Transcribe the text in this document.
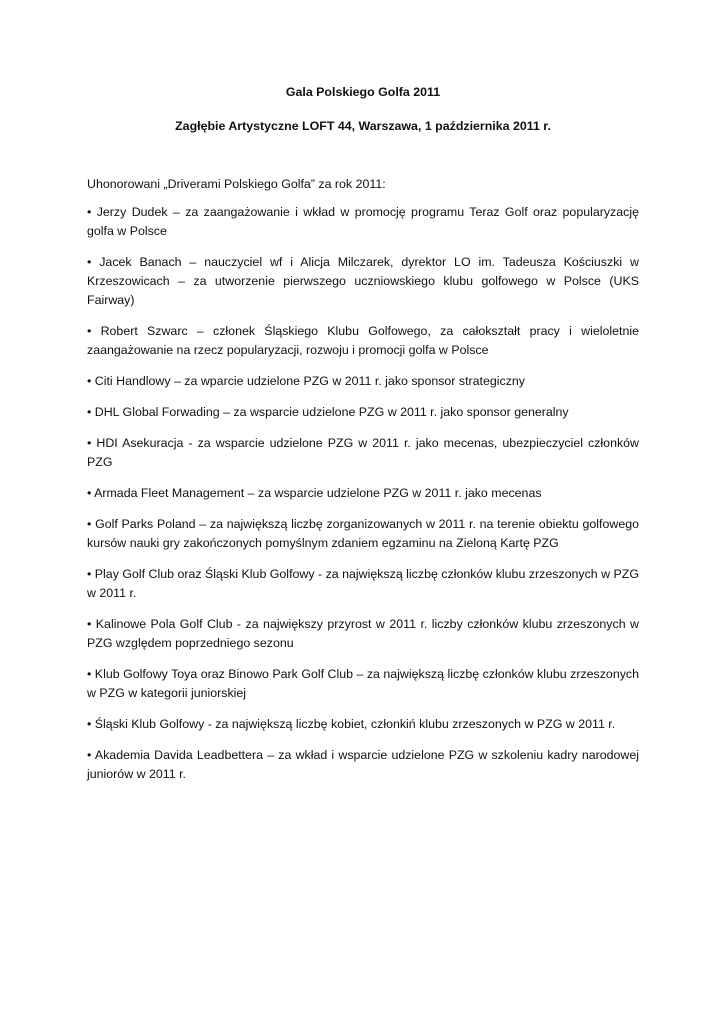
Gala Polskiego Golfa 2011

Zagłębie Artystyczne LOFT 44, Warszawa, 1 października 2011 r.

Uhonorowani „Driverami Polskiego Golfa” za rok 2011:

• Jerzy Dudek – za zaangażowanie i wkład w promocję programu Teraz Golf oraz popularyzację golfa w Polsce
• Jacek Banach – nauczyciel wf i Alicja Milczarek, dyrektor LO im. Tadeusza Kościuszki w Krzeszowicach – za utworzenie pierwszego uczniowskiego klubu golfowego w Polsce (UKS Fairway)
• Robert Szwarc – członek Śląskiego Klubu Golfowego, za całokształt pracy i wieloletnie zaangażowanie na rzecz popularyzacji, rozwoju i promocji golfa w Polsce
• Citi Handlowy – za wparcie udzielone PZG w 2011 r. jako sponsor strategiczny
• DHL Global Forwading – za wsparcie udzielone PZG w 2011 r. jako sponsor generalny
• HDI Asekuracja - za wsparcie udzielone PZG w 2011 r. jako mecenas, ubezpieczyciel członków PZG
• Armada Fleet Management – za wsparcie udzielone PZG w 2011 r. jako mecenas
• Golf Parks Poland – za największą liczbę zorganizowanych w 2011 r. na terenie obiektu golfowego kursów nauki gry zakończonych pomyślnym zdaniem egzaminu na Zieloną Kartę PZG
• Play Golf Club oraz Śląski Klub Golfowy - za największą liczbę członków klubu zrzeszonych w PZG w 2011 r.
• Kalinowe Pola Golf Club - za największy przyrost w 2011 r. liczby członków klubu zrzeszonych w PZG względem poprzedniego sezonu
• Klub Golfowy Toya oraz Binowo Park Golf Club – za największą liczbę członków klubu zrzeszonych w PZG w kategorii juniorskiej
• Śląski Klub Golfowy - za największą liczbę kobiet, członkiń klubu zrzeszonych w PZG w 2011 r.
• Akademia Davida Leadbettera – za wkład i wsparcie udzielone PZG w szkoleniu kadry narodowej juniorów w 2011 r.
